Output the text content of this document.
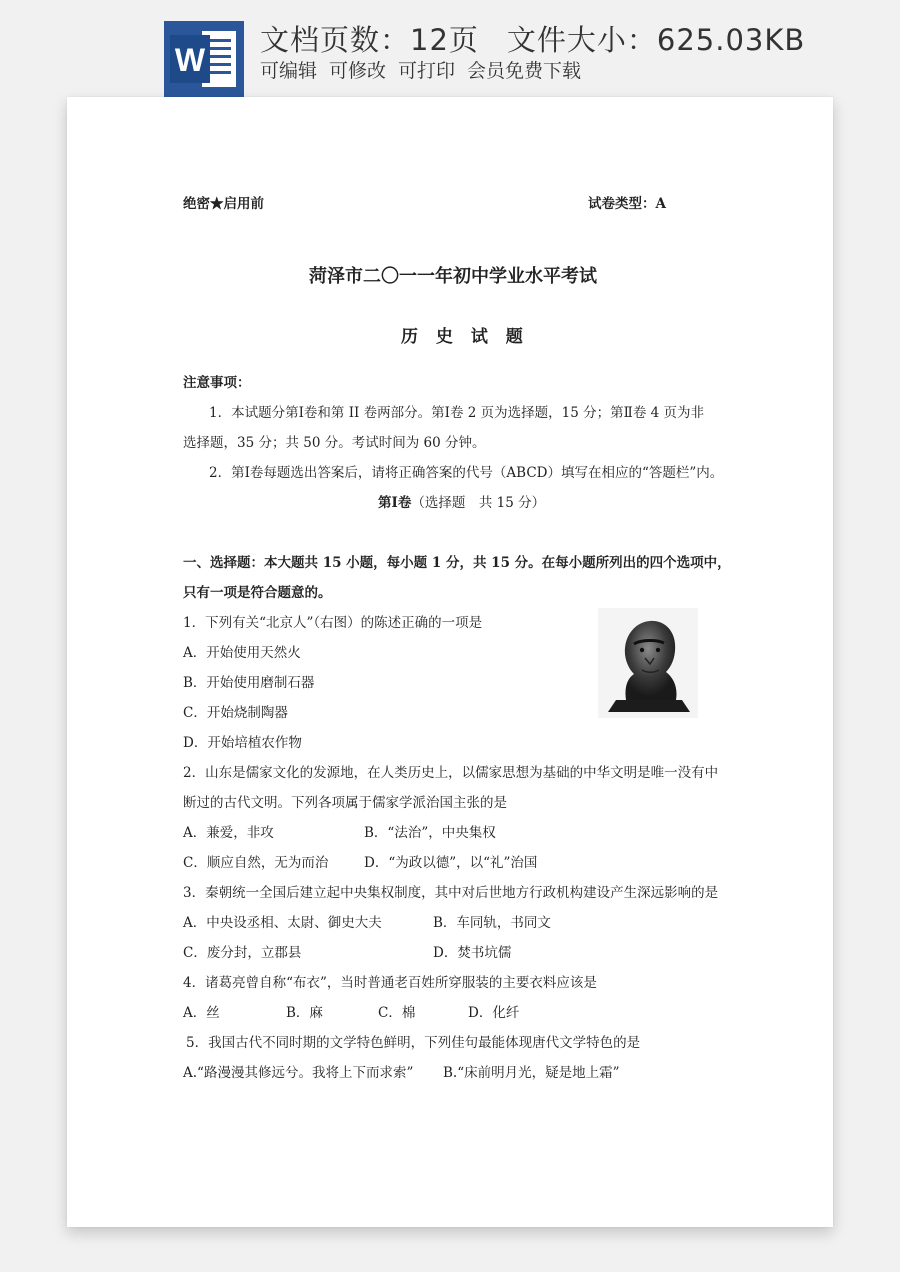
W
文档页数：12页 文件大小：625.03KB
可编辑 可修改 可打印 会员免费下载
绝密★启用前	试卷类型：A
菏泽市二〇一一年初中学业水平考试
历 史 试 题
注意事项：
1．本试题分第Ⅰ卷和第 II 卷两部分。第Ⅰ卷 2 页为选择题，15 分；第Ⅱ卷 4 页为非
选择题，35 分；共 50 分。考试时间为 60 分钟。
2．第Ⅰ卷每题选出答案后，请将正确答案的代号（ABCD）填写在相应的“答题栏”内。
第Ⅰ卷（选择题　共 15 分）
一、选择题：本大题共 15 小题，每小题 1 分，共 15 分。在每小题所列出的四个选项中，
只有一项是符合题意的。
1．下列有关“北京人”（右图）的陈述正确的一项是
A．开始使用天然火
B．开始使用磨制石器
C．开始烧制陶器
D．开始培植农作物
2．山东是儒家文化的发源地，在人类历史上，以儒家思想为基础的中华文明是唯一没有中
断过的古代文明。下列各项属于儒家学派治国主张的是
A．兼爱，非攻	B．“法治”，中央集权
C．顺应自然，无为而治	D．“为政以德”，以“礼”治国
3．秦朝统一全国后建立起中央集权制度，其中对后世地方行政机构建设产生深远影响的是
A．中央设丞相、太尉、御史大夫	B．车同轨，书同文
C．废分封，立郡县	D．焚书坑儒
4．诸葛亮曾自称“布衣”，当时普通老百姓所穿服装的主要衣料应该是
A．丝	B．麻	C．棉	D．化纤
5．我国古代不同时期的文学特色鲜明，下列佳句最能体现唐代文学特色的是
A.“路漫漫其修远兮。我将上下而求索” B.“床前明月光，疑是地上霜”
